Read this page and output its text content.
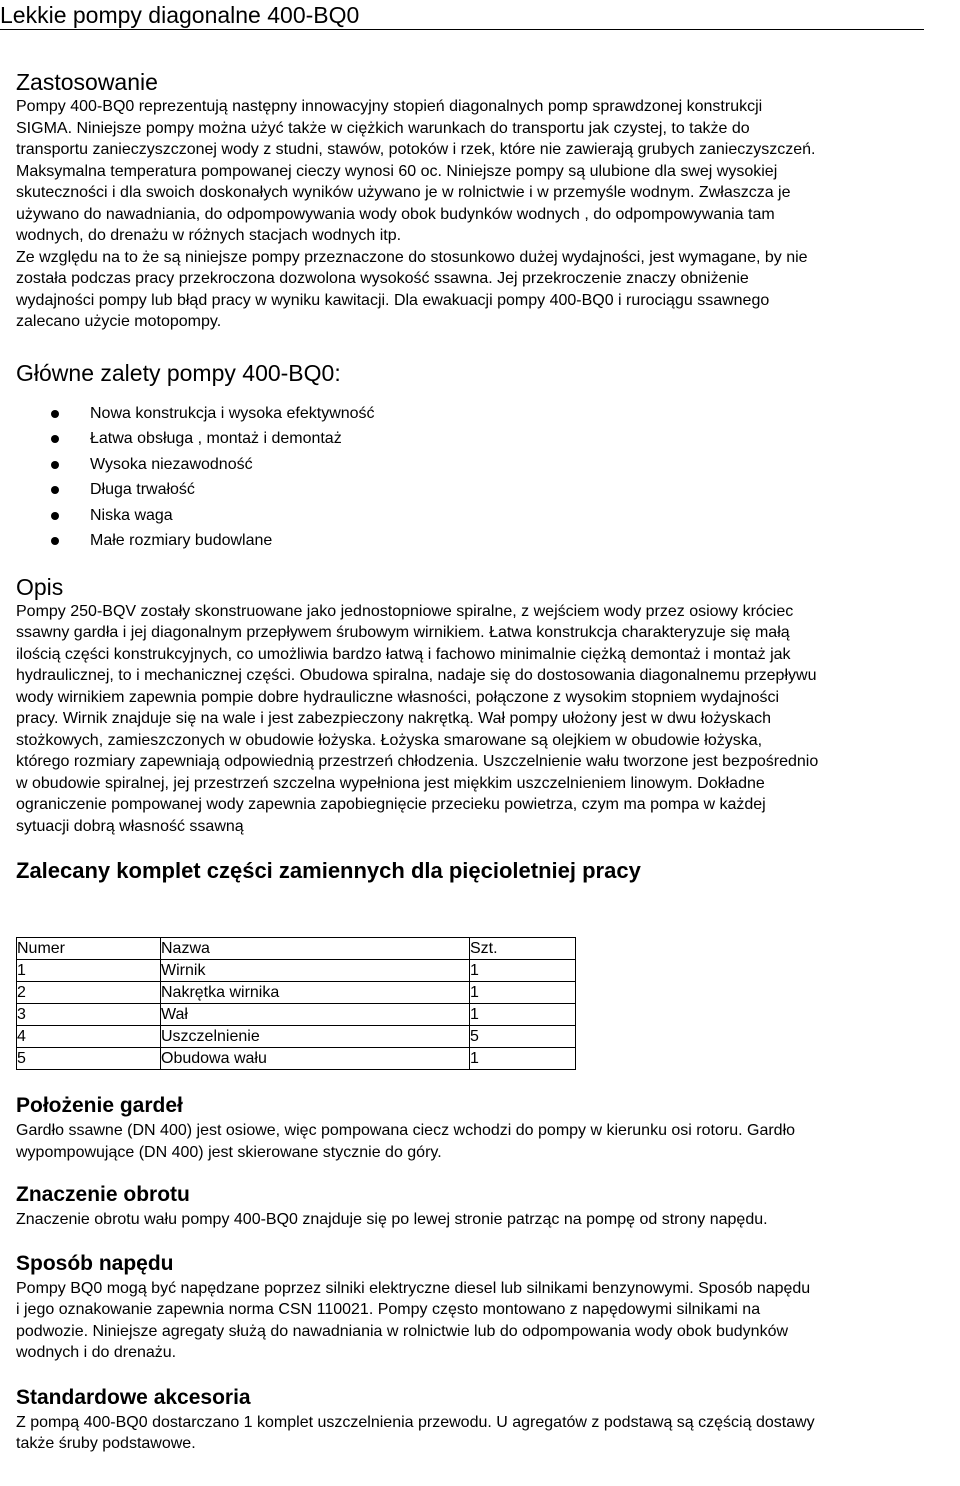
Lekkie pompy diagonalne 400-BQ0
Zastosowanie

Pompy 400-BQ0 reprezentują następny innowacyjny stopień diagonalnych pomp sprawdzonej konstrukcji
SIGMA. Niniejsze pompy można użyć także w ciężkich warunkach do transportu jak czystej, to także do
transportu zanieczyszczonej wody z studni, stawów, potoków i rzek, które nie zawierają grubych zanieczyszczeń.
Maksymalna temperatura pompowanej cieczy wynosi 60 oc. Niniejsze pompy są ulubione dla swej wysokiej
skuteczności i dla swoich doskonałych wyników używano je w rolnictwie i w przemyśle wodnym. Zwłaszcza je
używano do nawadniania, do odpompowywania wody obok budynków wodnych , do odpompowywania tam
wodnych, do drenażu w różnych stacjach wodnych itp.
Ze względu na to że są niniejsze pompy przeznaczone do stosunkowo dużej wydajności, jest wymagane, by nie
została podczas pracy przekroczona dozwolona wysokość ssawna. Jej przekroczenie znaczy obniżenie
wydajności pompy lub błąd pracy w wyniku kawitacji. Dla ewakuacji pompy 400-BQ0 i rurociągu ssawnego
zalecano użycie motopompy.

Główne zalety pompy 400-BQ0:
Nowa konstrukcja i wysoka efektywność
Łatwa obsługa , montaż i demontaż
Wysoka niezawodność
Długa trwałość
Niska waga
Małe rozmiary budowlane
Opis

Pompy 250-BQV zostały skonstruowane jako jednostopniowe spiralne, z wejściem wody przez osiowy króciec
ssawny gardła i jej diagonalnym przepływem śrubowym wirnikiem. Łatwa konstrukcja charakteryzuje się małą
ilością części konstrukcyjnych, co umożliwia bardzo łatwą i fachowo minimalnie ciężką demontaż i montaż jak
hydraulicznej, to i mechanicznej części. Obudowa spiralna, nadaje się do dostosowania diagonalnemu przepływu
wody wirnikiem zapewnia pompie dobre hydrauliczne własności, połączone z wysokim stopniem wydajności
pracy. Wirnik znajduje się na wale i jest zabezpieczony nakrętką. Wał pompy ułożony jest w dwu łożyskach
stożkowych, zamieszczonych w obudowie łożyska. Łożyska smarowane są olejkiem w obudowie łożyska,
którego rozmiary zapewniają odpowiednią przestrzeń chłodzenia. Uszczelnienie wału tworzone jest bezpośrednio
w obudowie spiralnej, jej przestrzeń szczelna wypełniona jest miękkim uszczelnieniem linowym. Dokładne
ograniczenie pompowanej wody zapewnia zapobiegnięcie przecieku powietrza, czym ma pompa w każdej
sytuacji dobrą własność ssawną

Zalecany komplet części zamiennych dla pięcioletniej pracy
Numer	Nazwa	Szt.
1	Wirnik	1
2	Nakrętka wirnika	1
3	Wał	1
4	Uszczelnienie	5
5	Obudowa wału	1
Położenie gardeł

Gardło ssawne (DN 400) jest osiowe, więc pompowana ciecz wchodzi do pompy w kierunku osi rotoru. Gardło
wypompowujące (DN 400) jest skierowane stycznie do góry.

Znaczenie obrotu

Znaczenie obrotu wału pompy 400-BQ0 znajduje się po lewej stronie patrząc na pompę od strony napędu.

Sposób napędu

Pompy BQ0 mogą być napędzane poprzez silniki elektryczne diesel lub silnikami benzynowymi. Sposób napędu
i jego oznakowanie zapewnia norma CSN 110021. Pompy często montowano z napędowymi silnikami na
podwozie. Niniejsze agregaty służą do nawadniania w rolnictwie lub do odpompowania wody obok budynków
wodnych i do drenażu.

Standardowe akcesoria

Z pompą 400-BQ0 dostarczano 1 komplet uszczelnienia przewodu. U agregatów z podstawą są częścią dostawy
także śruby podstawowe.
